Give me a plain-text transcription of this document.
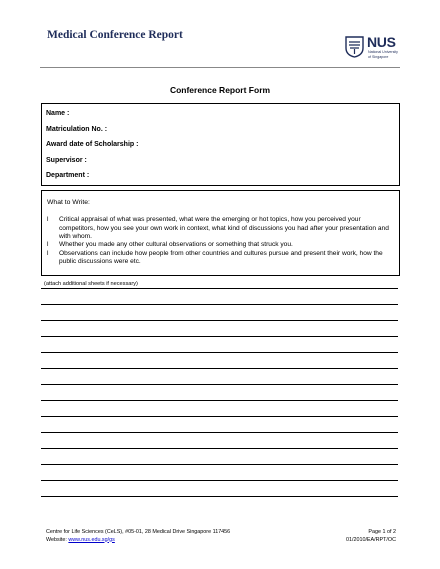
Medical Conference Report	NUS
National University
of Singapore
Conference Report Form
Name :
Matriculation No. :
Award date of Scholarship :
Supervisor :
Department :
What to Write:
l Critical appraisal of what was presented, what were the emerging or hot topics, how you perceived your competitors, how you see your own work in context, what kind of discussions you had after your presentation and with whom.
l Whether you made any other cultural observations or something that struck you.
l Observations can include how people from other countries and cultures pursue and present their work, how the public discussions were etc.
(attach additional sheets if necessary)
Centre for Life Sciences (CeLS), #05-01, 28 Medical Drive Singapore 117456
Website: www.nus.edu.sg/gs
Page 1 of 2
01/2010/EA/RPT/OC
